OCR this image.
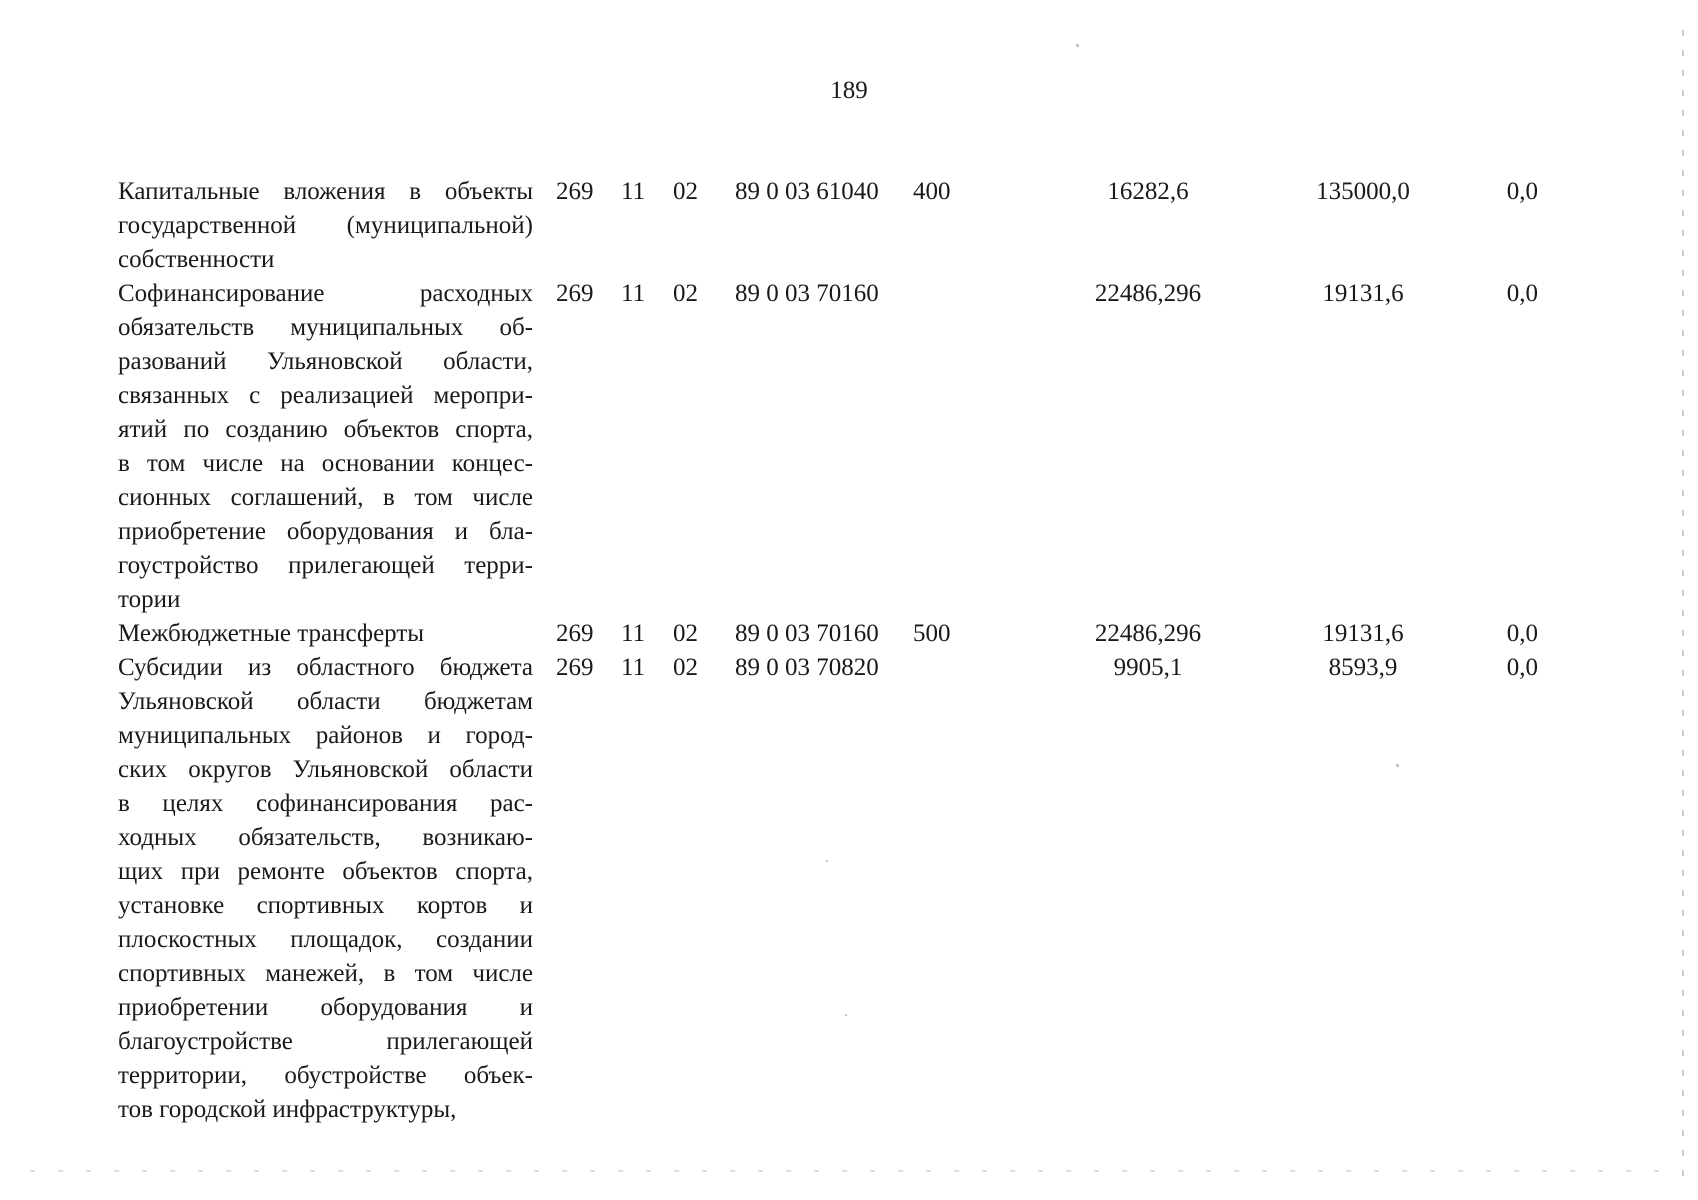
189
Капитальные вложения в объекты
государственной (муниципальной)
собственности
269 11 02 89 0 03 61040 400	16282,6	135000,0	0,0
Софинансирование расходных
обязательств муниципальных об-
разований Ульяновской области,
связанных с реализацией меропри-
ятий по созданию объектов спорта,
в том числе на основании концес-
сионных соглашений, в том числе
приобретение оборудования и бла-
гоустройство прилегающей терри-
тории
269 11 02 89 0 03 70160	22486,296	19131,6	0,0
Межбюджетные трансферты	269 11 02 89 0 03 70160 500	22486,296	19131,6	0,0
Субсидии из областного бюджета
Ульяновской области бюджетам
муниципальных районов и город-
ских округов Ульяновской области
в целях софинансирования рас-
ходных обязательств, возникаю-
щих при ремонте объектов спорта,
установке спортивных кортов и
плоскостных площадок, создании
спортивных манежей, в том числе
приобретении оборудования и
благоустройстве прилегающей
территории, обустройстве объек-
тов городской инфраструктуры,
269 11 02 89 0 03 70820	9905,1	8593,9	0,0
